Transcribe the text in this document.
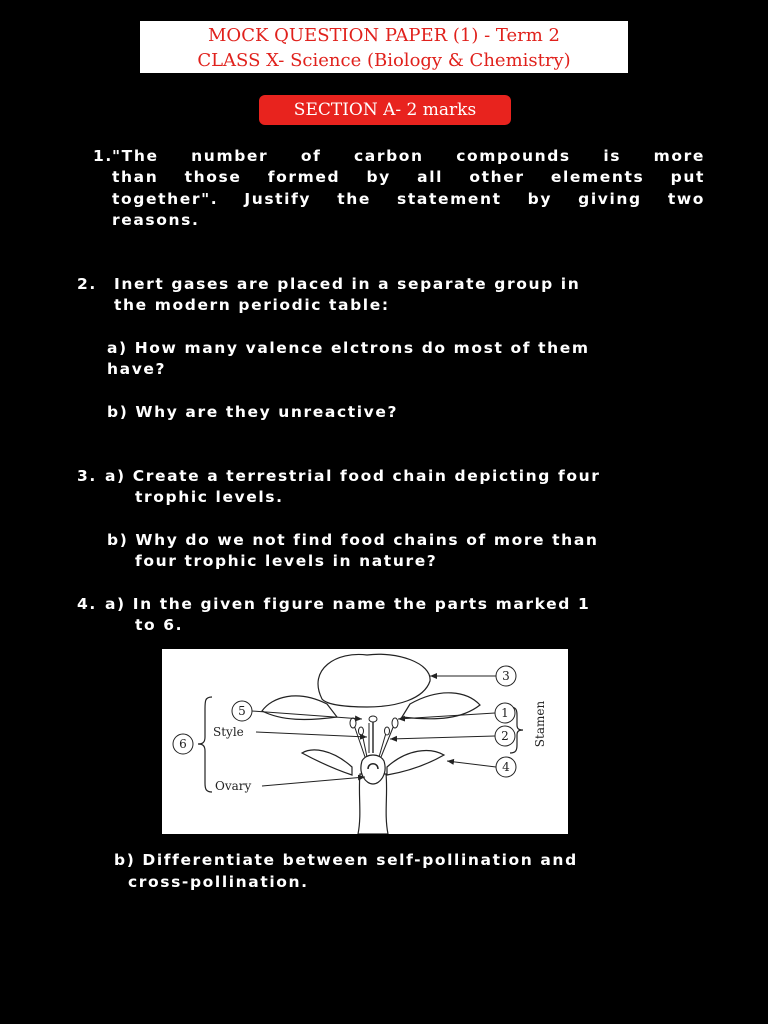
MOCK QUESTION PAPER (1) - Term 2
CLASS X- Science (Biology & Chemistry)
SECTION A- 2 marks
1. "The number of carbon compounds is more
than those formed by all other elements put
together". Justify the statement by giving two
reasons.
2. Inert gases are placed in a separate group in
the modern periodic table:
a) How many valence elctrons do most of them
have?
b) Why are they unreactive?
3. a) Create a terrestrial food chain depicting four
trophic levels.
b) Why do we not find food chains of more than
four trophic levels in nature?
4. a) In the given figure name the parts marked 1
to 6.
5
6
3
1
2
4
Style
Ovary
Stamen
b) Differentiate between self-pollination and
cross-pollination.
